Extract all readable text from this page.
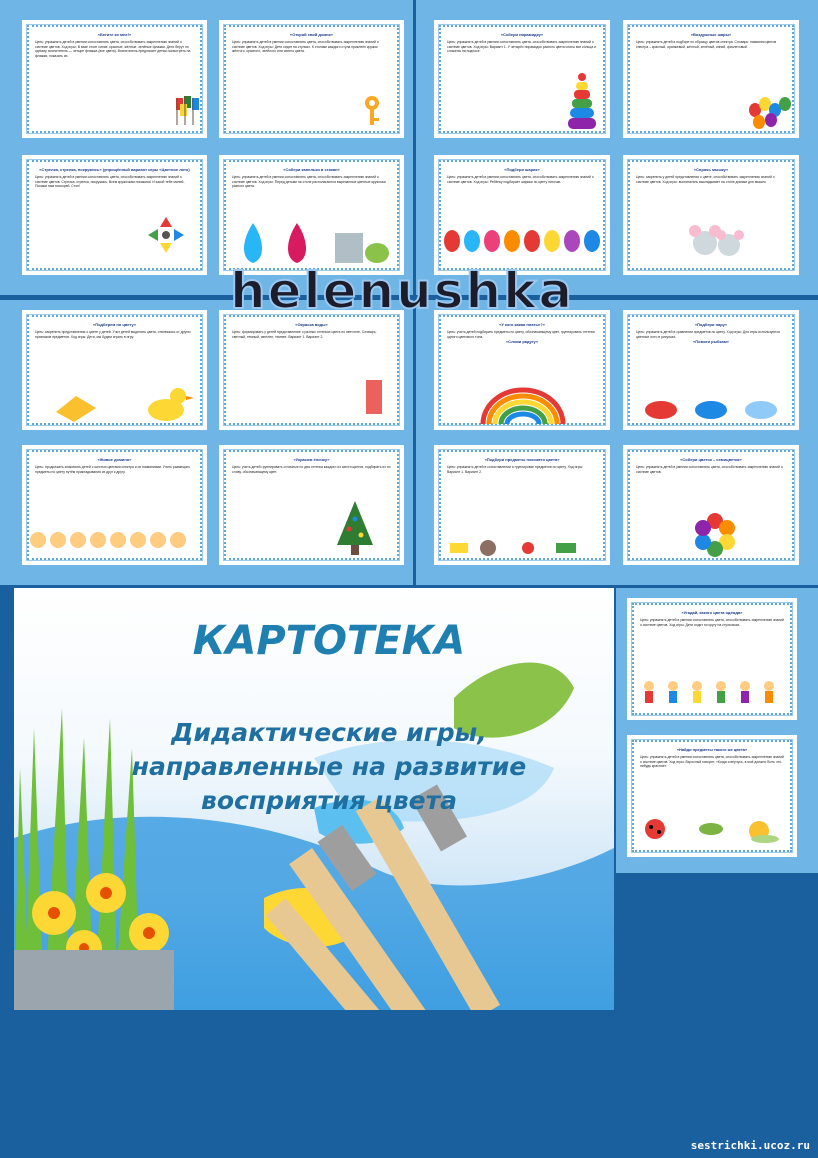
«Бегите ко мне!»

Цель: упражнять детей в умении сопоставлять цвета, способствовать закреплению знаний о системе цветов. Ход игры: В вазе стоят синие, красные, жёлтые, зелёные флажки. Дети берут по одному, воспитатель — четыре флажка (все цвета). Воспитатель предлагает детям посмотреть на флажки, показать их.

«Открой свой домик»

Цель: упражнять детей в умении сопоставлять цвета, способствовать закреплению знаний о системе цветов. Ход игры: Дети сидят на стульях. К столике каждого стула приклеен кружок жёлтого, красного, зелёного или синего цвета.

«Собери пирамидку»

Цель: упражнять детей в умении сопоставлять цвета, способствовать закреплению знаний о системе цветов. Ход игры: Вариант 1. У четырёх пирамидок разного цвета сняты все кольца и сложены на подносе.

«Воздушные шары»

Цель: упражнять детей в подборе по образцу цветов спектра. Словарь: названия цветов спектра – красный, оранжевый, жёлтый, зелёный, синий, фиолетовый.

«Стрелка, стрелка, покружись» (упрощённый вариант игры «Цветное лото)

Цель: упражнять детей в умении сопоставлять цвета, способствовать закреплению знаний о системе цветов. Стрелка, стрелка, покружись, Всем кружочкам покажись! И какой тебе милей, Покажи нам поскорей. Стоп!

«Собери капельки в стакан»

Цель: упражнять детей в умении сопоставлять цвета, способствовать закреплению знаний о системе цветов. Ход игры: Перед детьми на столе располагаются вырезанные цветные кружочки разного цвета.

«Подбери шарик»

Цель: упражнять детей в умении сопоставлять цвета, способствовать закреплению знаний о системе цветов. Ход игры: Ребёнку подбирает шарики по цвету ниточки.

«Спрячь мышку»

Цель: закрепить у детей представления о цвете, способствовать закреплению знаний о системе цветов. Ход игры: воспитатель выкладывает на столе домики для мышек.

«Подберем по цвету»

Цель: закрепить представления о цвете у детей. Учит детей выделять цвета, отвлекаясь от других признаков предметов. Ход игры: Дети, мы будем играть в игру.

«Окраска воды»

Цель: формировать у детей представление о разных оттенках цвета по светлоте. Словарь: светлый, темный, светлее, темнее. Вариант 1. Вариант 2.

«У кого какая платье?»

Цель: учить детей подбирать предметы по цвету, обозначающему цвет, группировать оттенки одного цветового тона.

«Сложи радугу»

«Подбери пару»

Цель: упражнять детей в сравнении предметов по цвету. Ход игры: Для игры используются цветные лото в рисунках.

«Помоги рыбкам»

«Живое домино»

Цель: продолжать знакомить детей с шестью цветами спектра и их названиями. Учить размещать предметы по цвету путём прикладывания их друг к другу.

«Украсим ёлочку»

Цель: учить детей группировать отличные по два оттенка каждого из шести цветов, подбирать их по слову, обозначающему цвет.

«Подбери предметы похожего цвета»

Цель: упражнять детей в сопоставлении и группировке предметов по цвету. Ход игры: Вариант 1. Вариант 2.

«Собери цветок – семицветик»

Цель: упражнять детей в умении сопоставлять цвета, способствовать закреплению знаний о системе цветов.

«Угадай, какого цвета одежда»

Цель: упражнять детей в умении сопоставлять цвета, способствовать закреплению знаний о системе цветов. Ход игры: Дети сидят по кругу на стульчиках.

«Найди предметы такого же цвета»

Цель: упражнять детей в умении сопоставлять цвета, способствовать закреплению знаний о системе цветов. Ход игры: Взрослый говорит: «Когда я верчусь, в моё должно быть что-нибудь красное».

КАРТОТЕКА
Дидактические игры,
направленные на развитие
восприятия цвета
helenushka
sestrichki.ucoz.ru
